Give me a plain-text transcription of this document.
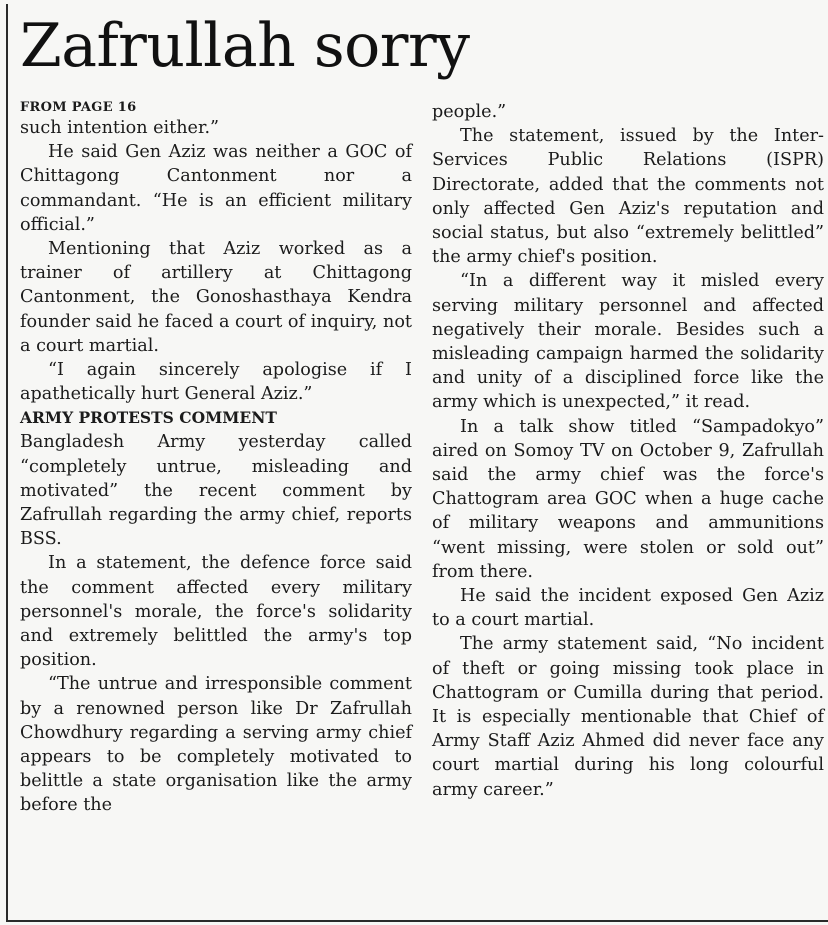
Zafrullah sorry
FROM PAGE 16

such intention either.”

He said Gen Aziz was neither a GOC of Chittagong Cantonment nor a commandant. “He is an efficient military official.”

Mentioning that Aziz worked as a trainer of artillery at Chittagong Cantonment, the Gonoshasthaya Kendra founder said he faced a court of inquiry, not a court martial.

“I again sincerely apologise if I apathetically hurt General Aziz.”

ARMY PROTESTS COMMENT

Bangladesh Army yesterday called “completely untrue, misleading and motivated” the recent comment by Zafrullah regarding the army chief, reports BSS.

In a statement, the defence force said the comment affected every military personnel's morale, the force's solidarity and extremely belittled the army's top position.

“The untrue and irresponsible comment by a renowned person like Dr Zafrullah Chowdhury regarding a serving army chief appears to be completely motivated to belittle a state organisation like the army before the

people.”

The statement, issued by the Inter-Services Public Relations (ISPR) Directorate, added that the comments not only affected Gen Aziz's reputation and social status, but also “extremely belittled” the army chief's position.

“In a different way it misled every serving military personnel and affected negatively their morale. Besides such a misleading campaign harmed the solidarity and unity of a disciplined force like the army which is unexpected,” it read.

In a talk show titled “Sampadokyo” aired on Somoy TV on October 9, Zafrullah said the army chief was the force's Chattogram area GOC when a huge cache of military weapons and ammunitions “went missing, were stolen or sold out” from there.

He said the incident exposed Gen Aziz to a court martial.

The army statement said, “No incident of theft or going missing took place in Chattogram or Cumilla during that period. It is especially mentionable that Chief of Army Staff Aziz Ahmed did never face any court martial during his long colourful army career.”
